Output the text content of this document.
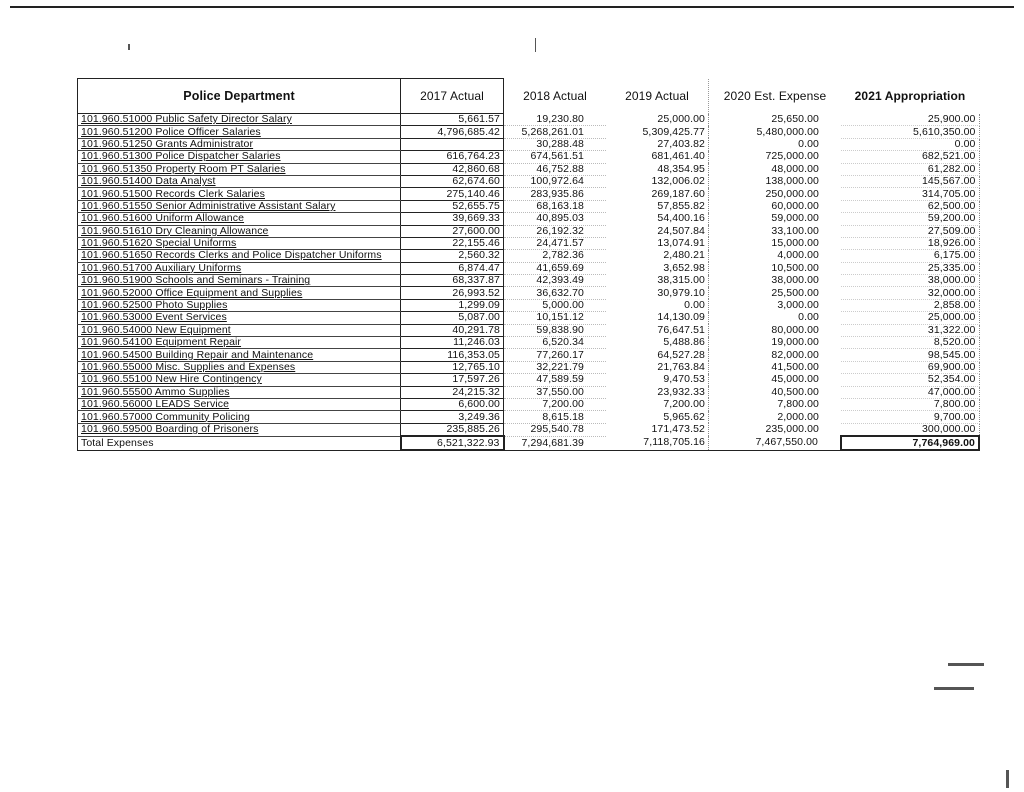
Police Department	2017 Actual	2018 Actual	2019 Actual	2020 Est. Expense	2021 Appropriation
101.960.51000 Public Safety Director Salary	5,661.57	19,230.80	25,000.00	25,650.00	25,900.00
101.960.51200 Police Officer Salaries	4,796,685.42	5,268,261.01	5,309,425.77	5,480,000.00	5,610,350.00
101.960.51250 Grants Administrator		30,288.48	27,403.82	0.00	0.00
101.960.51300 Police Dispatcher Salaries	616,764.23	674,561.51	681,461.40	725,000.00	682,521.00
101.960.51350 Property Room PT Salaries	42,860.68	46,752.88	48,354.95	48,000.00	61,282.00
101.960.51400 Data Analyst	62,674.60	100,972.64	132,006.02	138,000.00	145,567.00
101.960.51500 Records Clerk Salaries	275,140.46	283,935.86	269,187.60	250,000.00	314,705.00
101.960.51550 Senior Administrative Assistant Salary	52,655.75	68,163.18	57,855.82	60,000.00	62,500.00
101.960.51600 Uniform Allowance	39,669.33	40,895.03	54,400.16	59,000.00	59,200.00
101.960.51610 Dry Cleaning Allowance	27,600.00	26,192.32	24,507.84	33,100.00	27,509.00
101.960.51620 Special Uniforms	22,155.46	24,471.57	13,074.91	15,000.00	18,926.00
101.960.51650 Records Clerks and Police Dispatcher Uniforms	2,560.32	2,782.36	2,480.21	4,000.00	6,175.00
101.960.51700 Auxiliary Uniforms	6,874.47	41,659.69	3,652.98	10,500.00	25,335.00
101.960.51900 Schools and Seminars - Training	68,337.87	42,393.49	38,315.00	38,000.00	38,000.00
101.960.52000 Office Equipment and Supplies	26,993.52	36,632.70	30,979.10	25,500.00	32,000.00
101.960.52500 Photo Supplies	1,299.09	5,000.00	0.00	3,000.00	2,858.00
101.960.53000 Event Services	5,087.00	10,151.12	14,130.09	0.00	25,000.00
101.960.54000 New Equipment	40,291.78	59,838.90	76,647.51	80,000.00	31,322.00
101.960.54100 Equipment Repair	11,246.03	6,520.34	5,488.86	19,000.00	8,520.00
101.960.54500 Building Repair and Maintenance	116,353.05	77,260.17	64,527.28	82,000.00	98,545.00
101.960.55000 Misc. Supplies and Expenses	12,765.10	32,221.79	21,763.84	41,500.00	69,900.00
101.960.55100 New Hire Contingency	17,597.26	47,589.59	9,470.53	45,000.00	52,354.00
101.960.55500 Ammo Supplies	24,215.32	37,550.00	23,932.33	40,500.00	47,000.00
101.960.56000 LEADS Service	6,600.00	7,200.00	7,200.00	7,800.00	7,800.00
101.960.57000 Community Policing	3,249.36	8,615.18	5,965.62	2,000.00	9,700.00
101.960.59500 Boarding of Prisoners	235,885.26	295,540.78	171,473.52	235,000.00	300,000.00
Total Expenses	6,521,322.93	7,294,681.39	7,118,705.16	7,467,550.00	7,764,969.00
